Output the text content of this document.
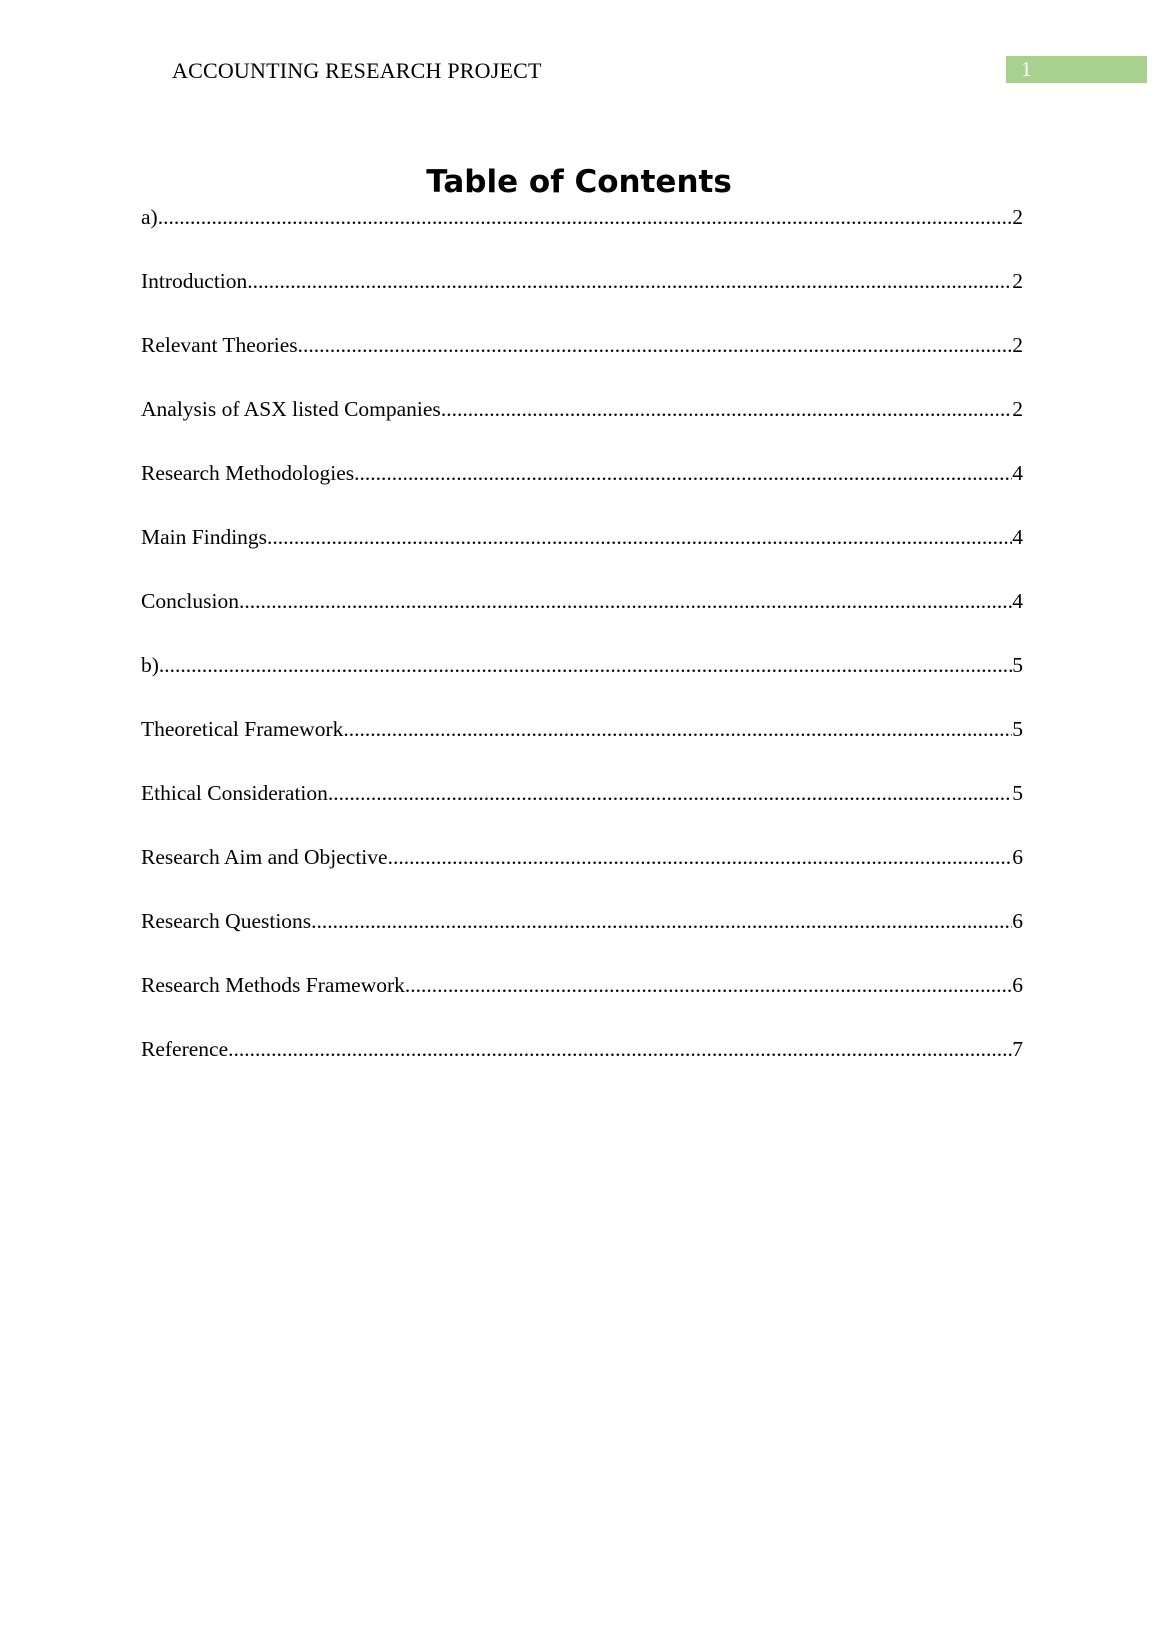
ACCOUNTING RESEARCH PROJECT	1
Table of Contents
a) .....	2
Introduction .....	2
Relevant Theories .....	2
Analysis of ASX listed Companies .....	2
Research Methodologies .....	4
Main Findings .....	4
Conclusion .....	4
b) .....	5
Theoretical Framework .....	5
Ethical Consideration .....	5
Research Aim and Objective .....	6
Research Questions .....	6
Research Methods Framework .....	6
Reference .....	7
